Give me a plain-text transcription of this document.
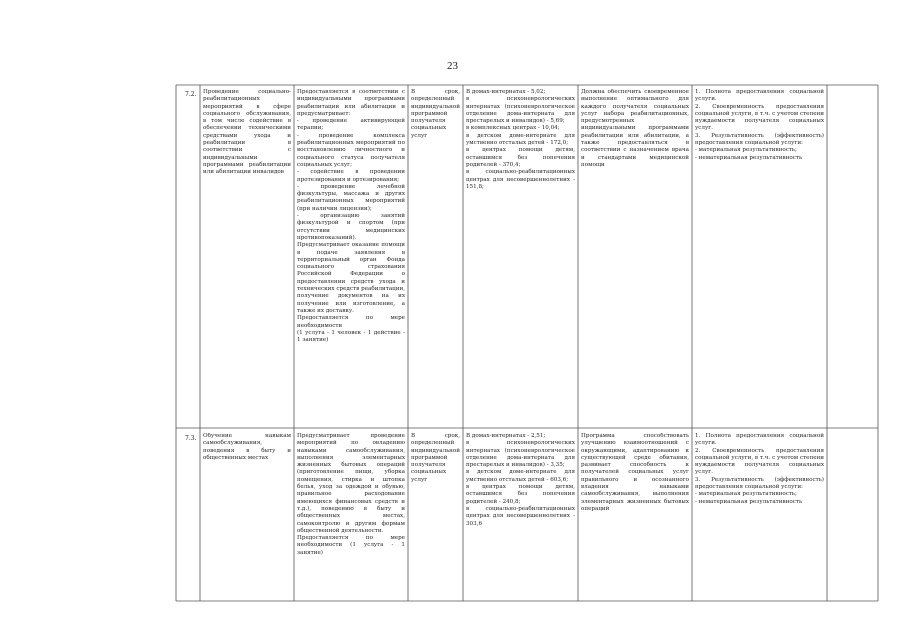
23
7.2. Проведение социально-реабилитационных мероприятий в сфере социального обслуживания, в том числе содействие в обеспечении техническими средствами ухода и реабилитации в соответствии с индивидуальными программами реабилитации или абилитации инвалидов
Предоставляется в соответствии с индивидуальными программами реабилитации или абилитации и предусматривает:
- проведение активирующей терапии;
- проведение комплекса реабилитационных мероприятий по восстановлению личностного и социального статуса получателя социальных услуг;
- содействие в проведении протезирования и ортезирования;
- проведение лечебной физкультуры, массажа и других реабилитационных мероприятий (при наличии лицензии);
- организацию занятий физкультурой и спортом (при отсутствии медицинских противопоказаний).
Предусматривает оказание помощи в подаче заявления в территориальный орган Фонда социального страхования Российской Федерации о предоставлении средств ухода и технических средств реабилитации, получение документов на их получение или изготовление, а также их доставку.
Предоставляется по мере необходимости
(1 услуга - 1 человек - 1 действие - 1 занятие)
В срок, определенный индивидуальной программой получателя социальных услуг
В домах-интернатах - 5,02;
в психоневрологических интернатах (психоневрологическое отделение дома-интерната для престарелых и инвалидов) - 5,69;
в комплексных центрах - 10,04;
в детском доме-интернате для умственно отсталых детей - 172,0;
в центрах помощи детям, оставшимся без попечения родителей - 370,4;
в социально-реабилитационных центрах для несовершеннолетних - 151,8;
Должна обеспечить своевременное выполнение оптимального для каждого получателя социальных услуг набора реабилитационных, предусмотренных индивидуальными программами реабилитации или абилитации, а также предоставляться в соответствии с назначением врача и стандартами медицинской помощи
1. Полнота предоставления социальной услуги.
2. Своевременность предоставления социальной услуги, в т.ч. с учетом степени нуждаемости получателя социальных услуг.
3. Результативность (эффективность) предоставления социальной услуги:
- материальная результативность;
- нематериальная результативность
7.3. Обучение навыкам самообслуживания, поведения в быту и общественных местах
Предусматривает проведение мероприятий по овладению навыками самообслуживания, выполнения элементарных жизненных бытовых операций (приготовление пищи, уборка помещения, стирка и штопка белья, уход за одеждой и обувью, правильное расходование имеющихся финансовых средств и т.д.), поведению в быту и общественных местах, самоконтролю и другим формам общественной деятельности.
Предоставляется по мере необходимости (1 услуга - 1 занятие)
В срок, определенный индивидуальной программой получателя социальных услуг
В домах-интернатах - 2,51;
в психоневрологических интернатах (психоневрологическое отделение дома-интерната для престарелых и инвалидов) - 3,35;
в детском доме-интернате для умственно отсталых детей - 603,6;
в центрах помощи детям, оставшимся без попечения родителей - 240,8;
в социально-реабилитационных центрах для несовершеннолетних - 303,6
Программа способствовать улучшению взаимоотношений с окружающими, адаптированию к существующей среде обитания, развивает способность к получателей социальных услуг правильного и осознанного владения навыками самообслуживания, выполнения элементарных жизненных бытовых операций
1. Полнота предоставления социальной услуги.
2. Своевременность предоставления социальной услуги, в т.ч. с учетом степени нуждаемости получателя социальных услуг.
3. Результативность (эффективность) предоставления социальной услуги:
- материальная результативность;
- нематериальная результативность
